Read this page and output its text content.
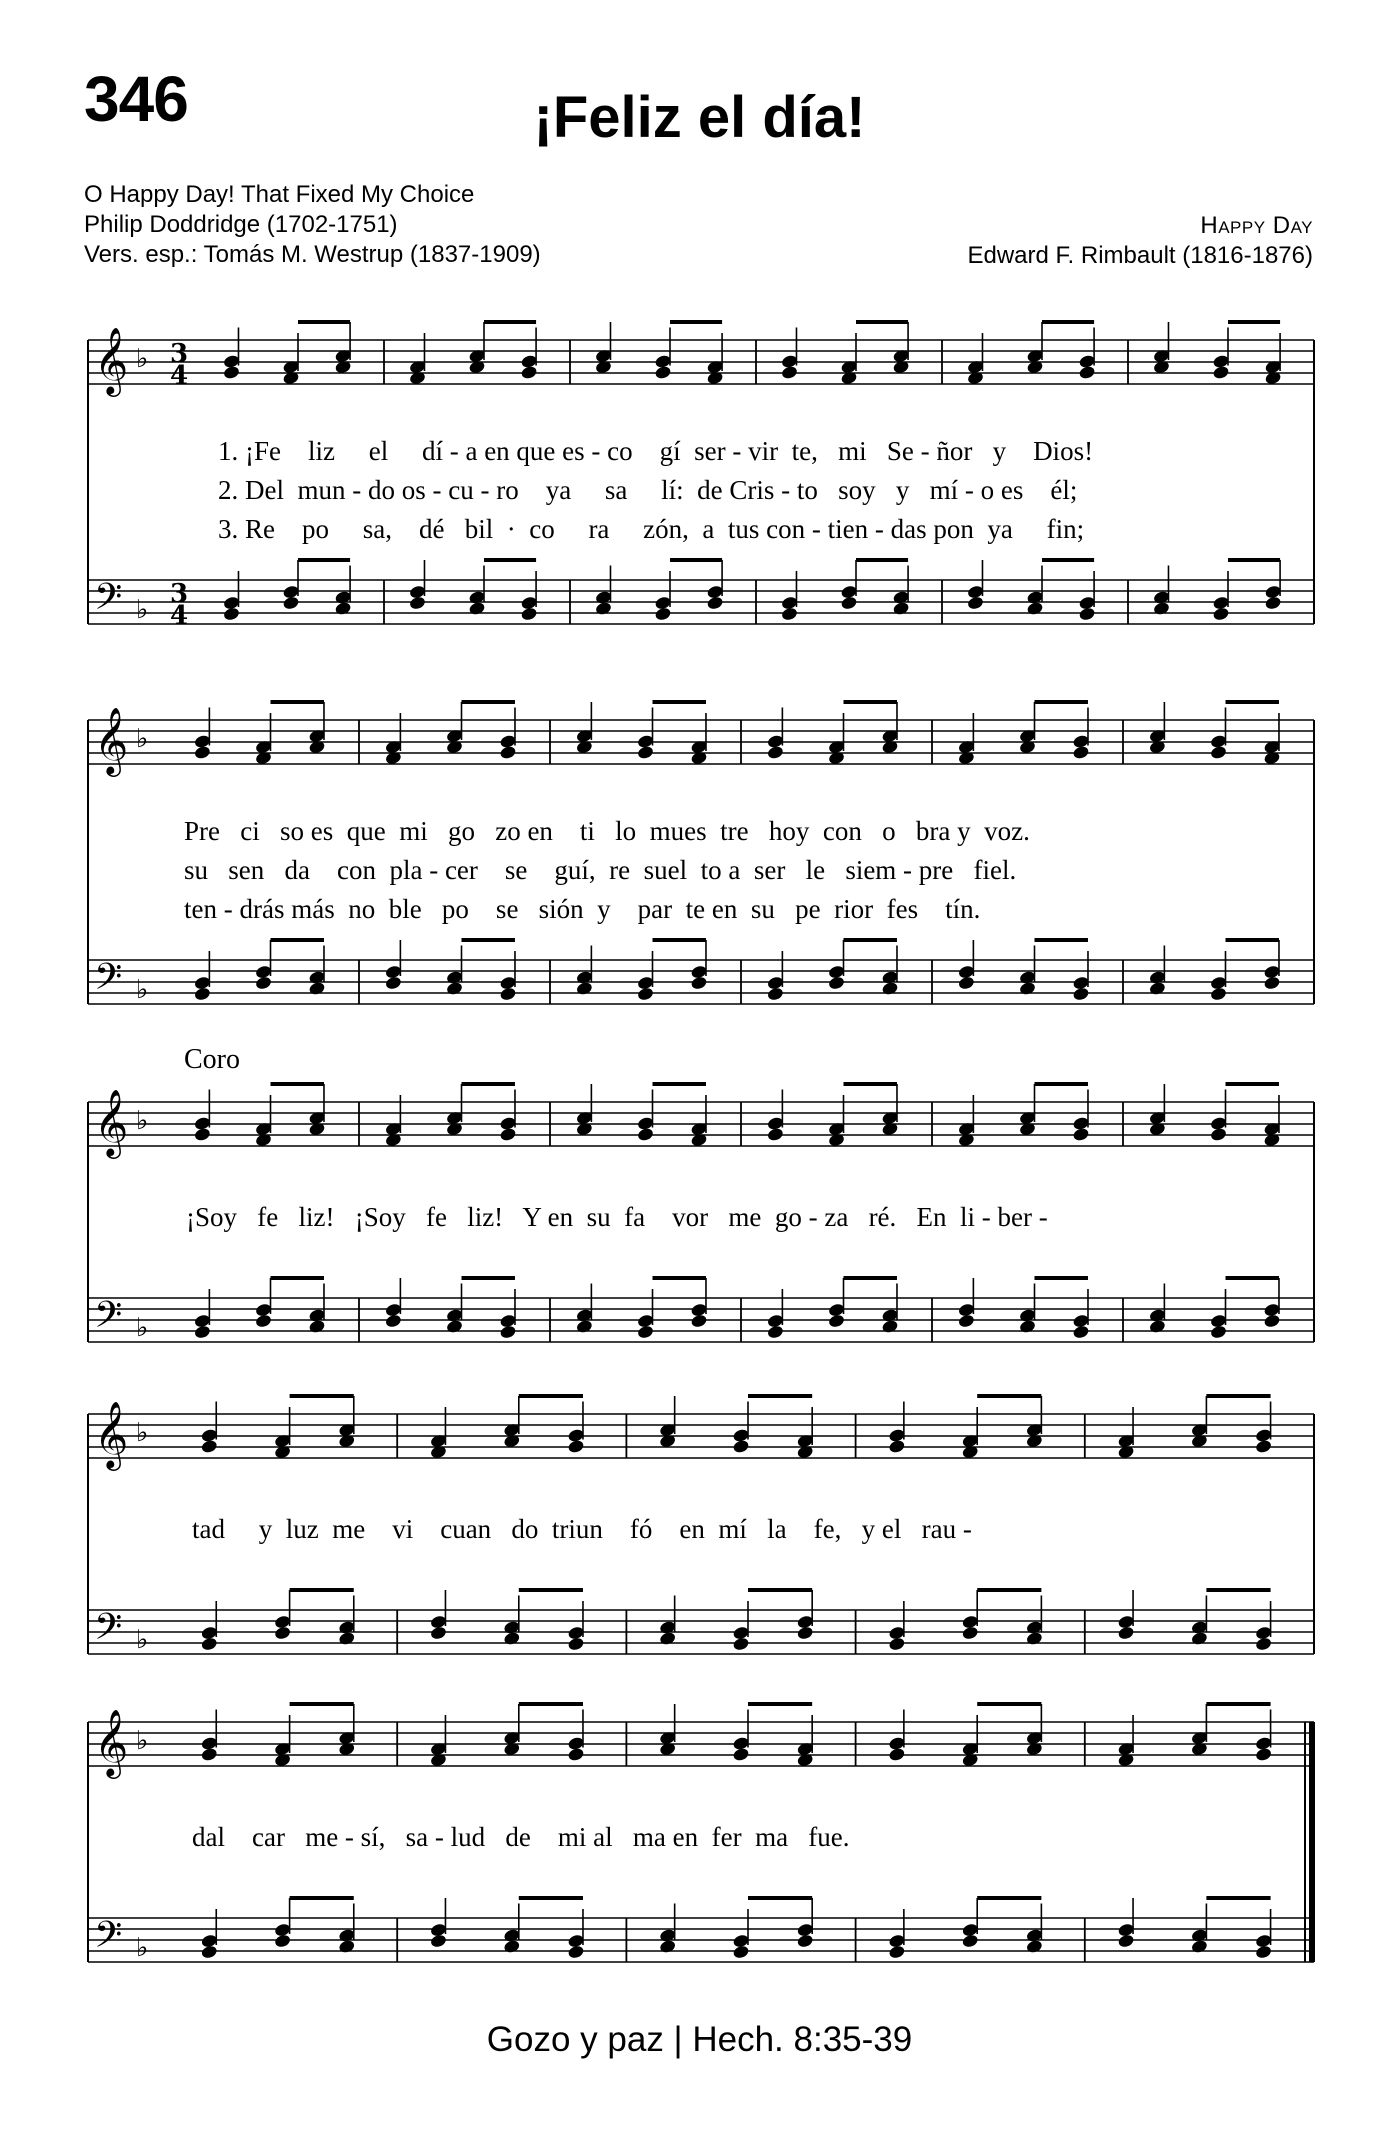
346	¡Feliz el día!
O Happy Day! That Fixed My Choice
Philip Doddridge (1702-1751)
Vers. esp.: Tomás M. Westrup (1837-1909)
Happy Day
Edward F. Rimbault (1816-1876)
𝄞
𝄢
♭
♭
3
4
3
4
1. ¡Fe    liz     el     dí - a en que es - co    gí  ser - vir  te,   mi   Se - ñor   y    Dios!
2. Del  mun - do os - cu - ro    ya     sa     lí:  de Cris - to   soy   y   mí - o es    él;
3. Re    po     sa,    dé   bil  ·  co     ra     zón,  a  tus con - tien - das pon  ya     fin;
𝄞
𝄢
♭
♭
Pre   ci   so es  que  mi   go   zo en    ti   lo  mues  tre   hoy  con   o   bra y  voz.
su   sen   da    con  pla - cer    se    guí,  re  suel  to a  ser   le   siem - pre   fiel.
ten - drás más  no  ble   po    se   sión  y    par  te en  su   pe  rior  fes    tín.
Coro
𝄞
𝄢
♭
♭
¡Soy   fe   liz!   ¡Soy   fe   liz!   Y en  su  fa    vor   me  go - za   ré.   En  li - ber -
𝄞
𝄢
♭
♭
tad     y  luz  me    vi    cuan   do  triun    fó    en  mí   la    fe,   y el   rau -
𝄞
𝄢
♭
♭
dal    car   me - sí,   sa - lud   de    mi al   ma en  fer  ma   fue.
Gozo y paz | Hech. 8:35-39
